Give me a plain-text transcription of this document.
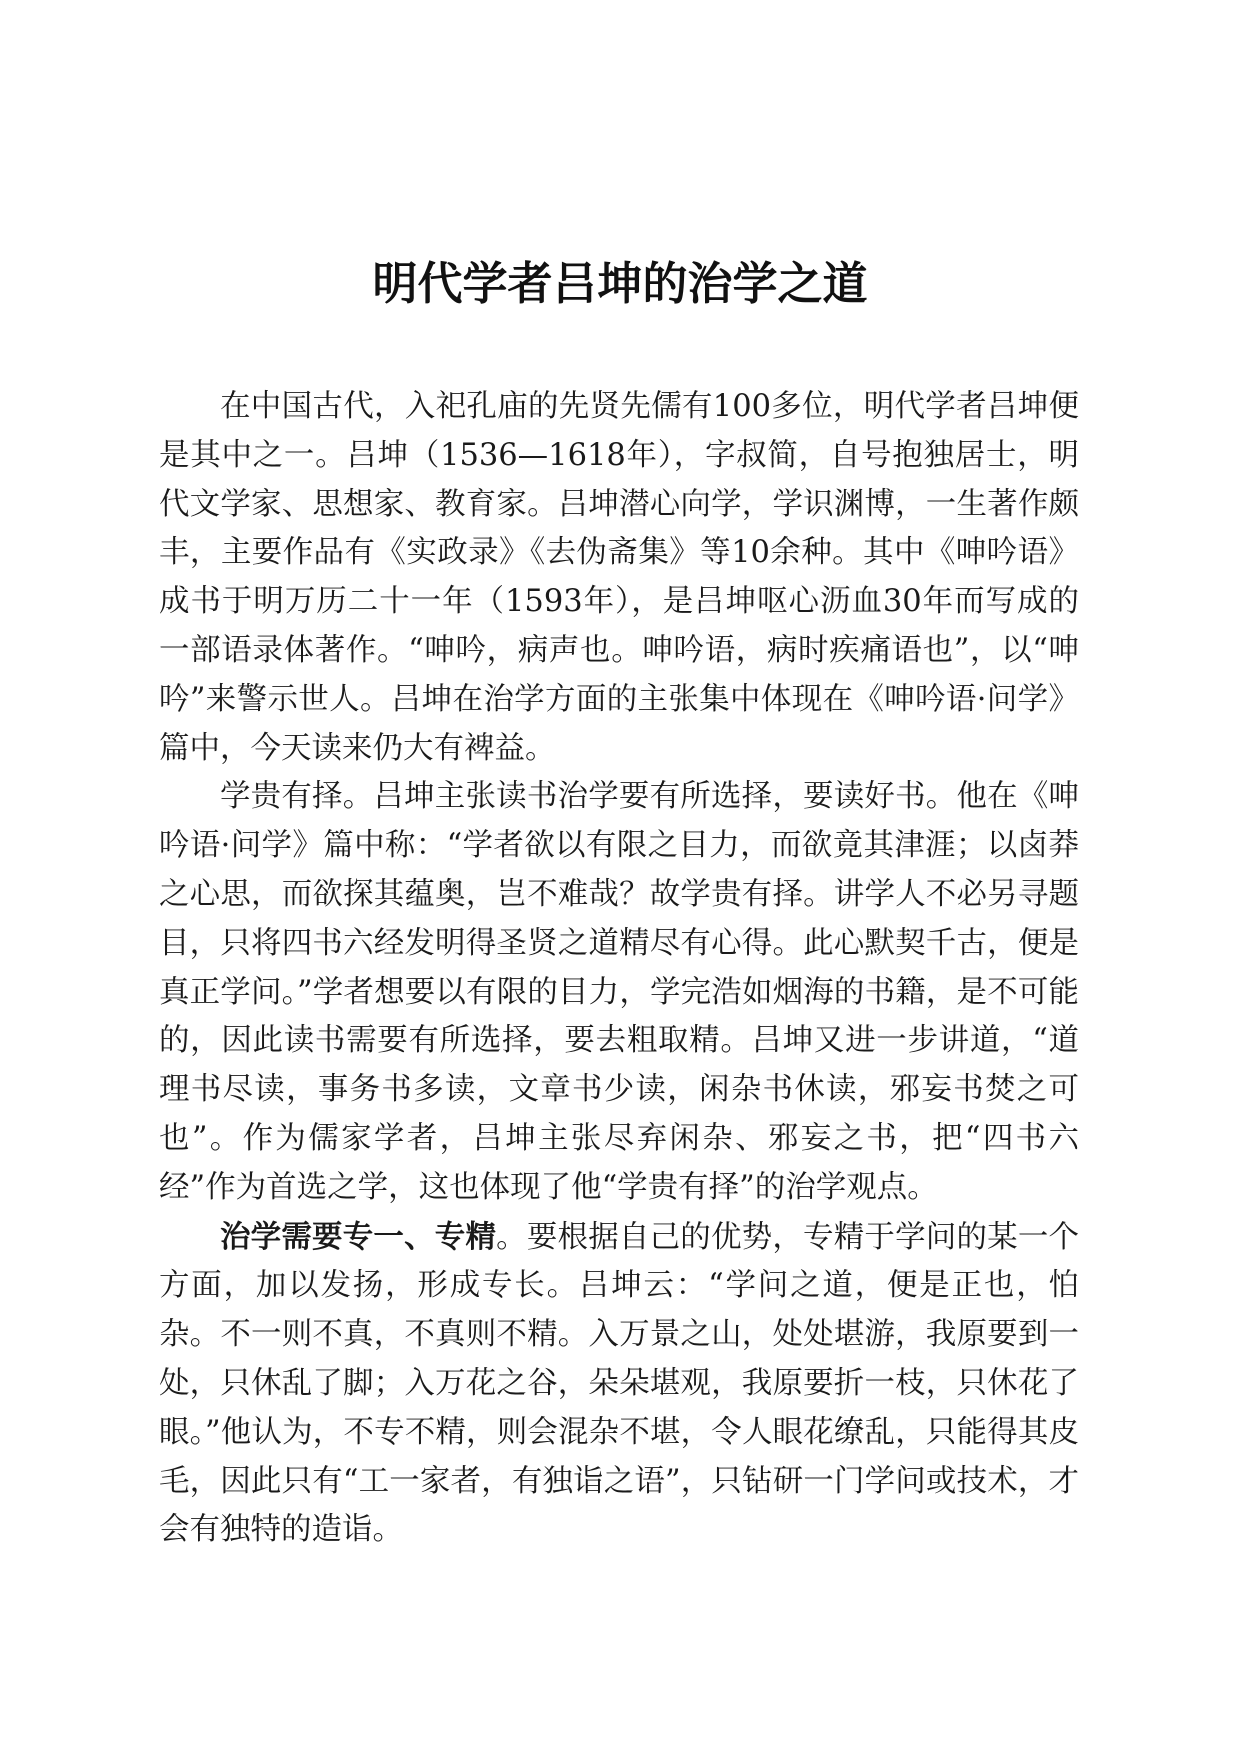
明代学者吕坤的治学之道

在中国古代，入祀孔庙的先贤先儒有100多位，明代学者吕坤便是其中之一。吕坤（1536—1618年），字叔简，自号抱独居士，明代文学家、思想家、教育家。吕坤潜心向学，学识渊博，一生著作颇丰，主要作品有《实政录》《去伪斋集》等10余种。其中《呻吟语》成书于明万历二十一年（1593年），是吕坤呕心沥血30年而写成的一部语录体著作。“呻吟，病声也。呻吟语，病时疾痛语也”，以“呻吟”来警示世人。吕坤在治学方面的主张集中体现在《呻吟语·问学》篇中，今天读来仍大有裨益。

学贵有择。吕坤主张读书治学要有所选择，要读好书。他在《呻吟语·问学》篇中称：“学者欲以有限之目力，而欲竟其津涯；以卤莽之心思，而欲探其蕴奥，岂不难哉？故学贵有择。讲学人不必另寻题目，只将四书六经发明得圣贤之道精尽有心得。此心默契千古，便是真正学问。”学者想要以有限的目力，学完浩如烟海的书籍，是不可能的，因此读书需要有所选择，要去粗取精。吕坤又进一步讲道，“道理书尽读，事务书多读，文章书少读，闲杂书休读，邪妄书焚之可也”。作为儒家学者，吕坤主张尽弃闲杂、邪妄之书，把“四书六经”作为首选之学，这也体现了他“学贵有择”的治学观点。

治学需要专一、专精。要根据自己的优势，专精于学问的某一个方面，加以发扬，形成专长。吕坤云：“学问之道，便是正也，怕杂。不一则不真，不真则不精。入万景之山，处处堪游，我原要到一处，只休乱了脚；入万花之谷，朵朵堪观，我原要折一枝，只休花了眼。”他认为，不专不精，则会混杂不堪，令人眼花缭乱，只能得其皮毛，因此只有“工一家者，有独诣之语”，只钻研一门学问或技术，才会有独特的造诣。
